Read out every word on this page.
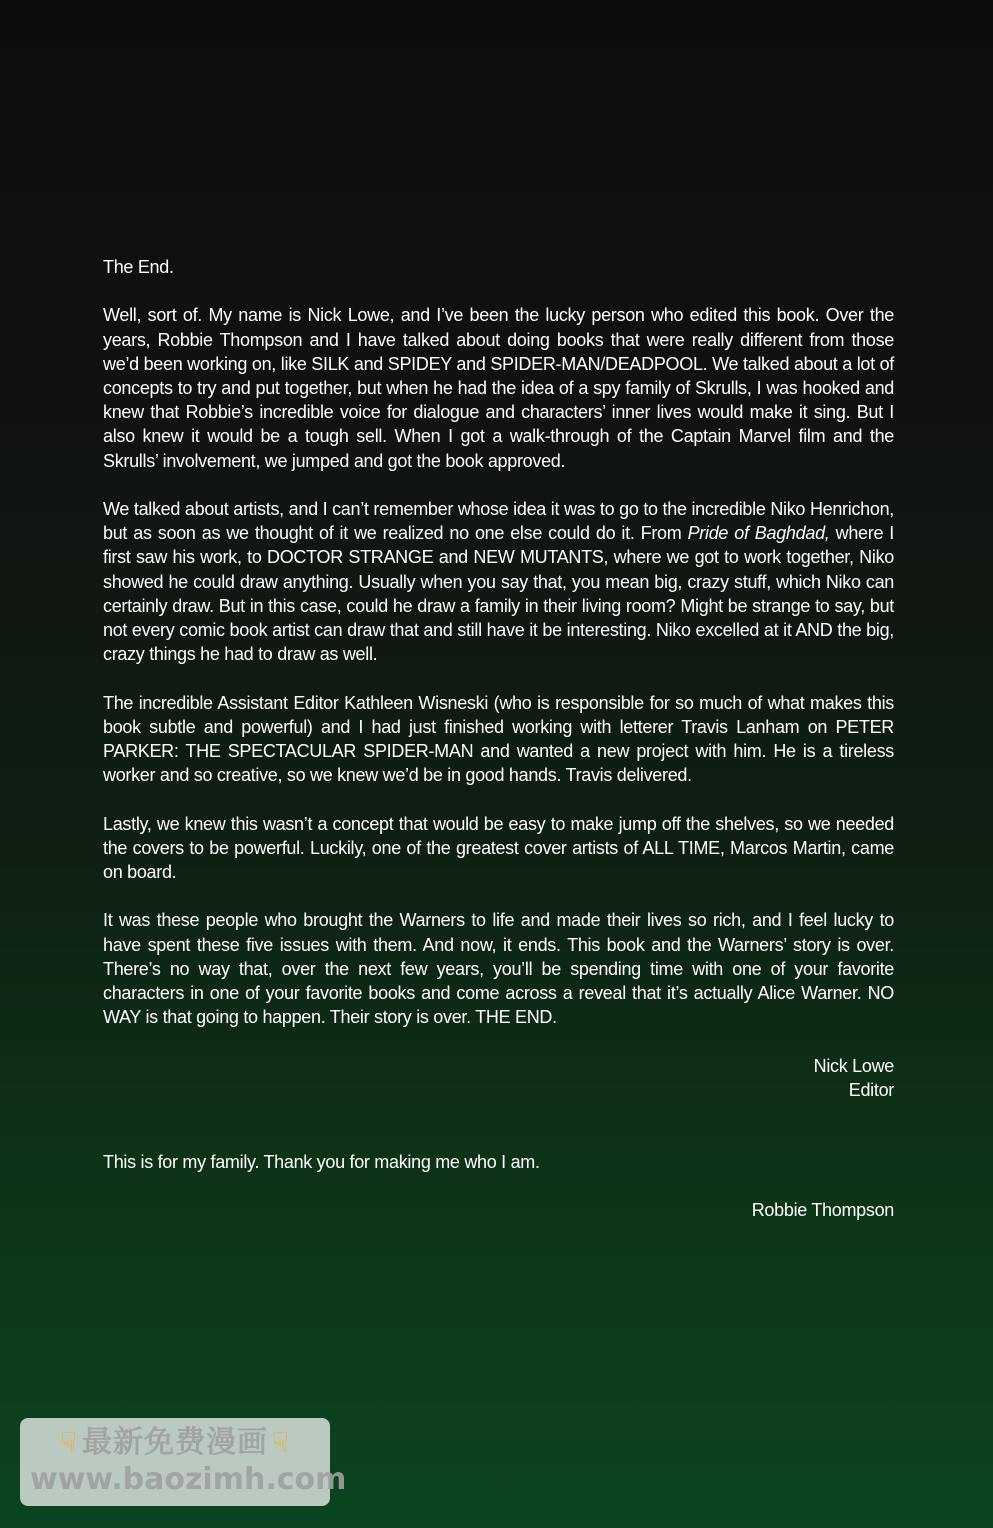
The End.

Well, sort of. My name is Nick Lowe, and I’ve been the lucky person who edited this book. Over the years, Robbie Thompson and I have talked about doing books that were really different from those we’d been working on, like SILK and SPIDEY and SPIDER-MAN/DEADPOOL. We talked about a lot of concepts to try and put together, but when he had the idea of a spy family of Skrulls, I was hooked and knew that Robbie’s incredible voice for dialogue and characters’ inner lives would make it sing. But I also knew it would be a tough sell. When I got a walk-through of the Captain Marvel film and the Skrulls’ involvement, we jumped and got the book approved.

We talked about artists, and I can’t remember whose idea it was to go to the incredible Niko Henrichon, but as soon as we thought of it we realized no one else could do it. From Pride of Baghdad, where I first saw his work, to DOCTOR STRANGE and NEW MUTANTS, where we got to work together, Niko showed he could draw anything. Usually when you say that, you mean big, crazy stuff, which Niko can certainly draw. But in this case, could he draw a family in their living room? Might be strange to say, but not every comic book artist can draw that and still have it be interesting. Niko excelled at it AND the big, crazy things he had to draw as well.

The incredible Assistant Editor Kathleen Wisneski (who is responsible for so much of what makes this book subtle and powerful) and I had just finished working with letterer Travis Lanham on PETER PARKER: THE SPECTACULAR SPIDER-MAN and wanted a new project with him. He is a tireless worker and so creative, so we knew we’d be in good hands. Travis delivered.

Lastly, we knew this wasn’t a concept that would be easy to make jump off the shelves, so we needed the covers to be powerful. Luckily, one of the greatest cover artists of ALL TIME, Marcos Martin, came on board.

It was these people who brought the Warners to life and made their lives so rich, and I feel lucky to have spent these five issues with them. And now, it ends. This book and the Warners’ story is over. There’s no way that, over the next few years, you’ll be spending time with one of your favorite characters in one of your favorite books and come across a reveal that it’s actually Alice Warner. NO WAY is that going to happen. Their story is over. THE END.

Nick Lowe
Editor
This is for my family. Thank you for making me who I am.
Robbie Thompson
☟ 最新免费漫画 ☟
www.baozimh.com
